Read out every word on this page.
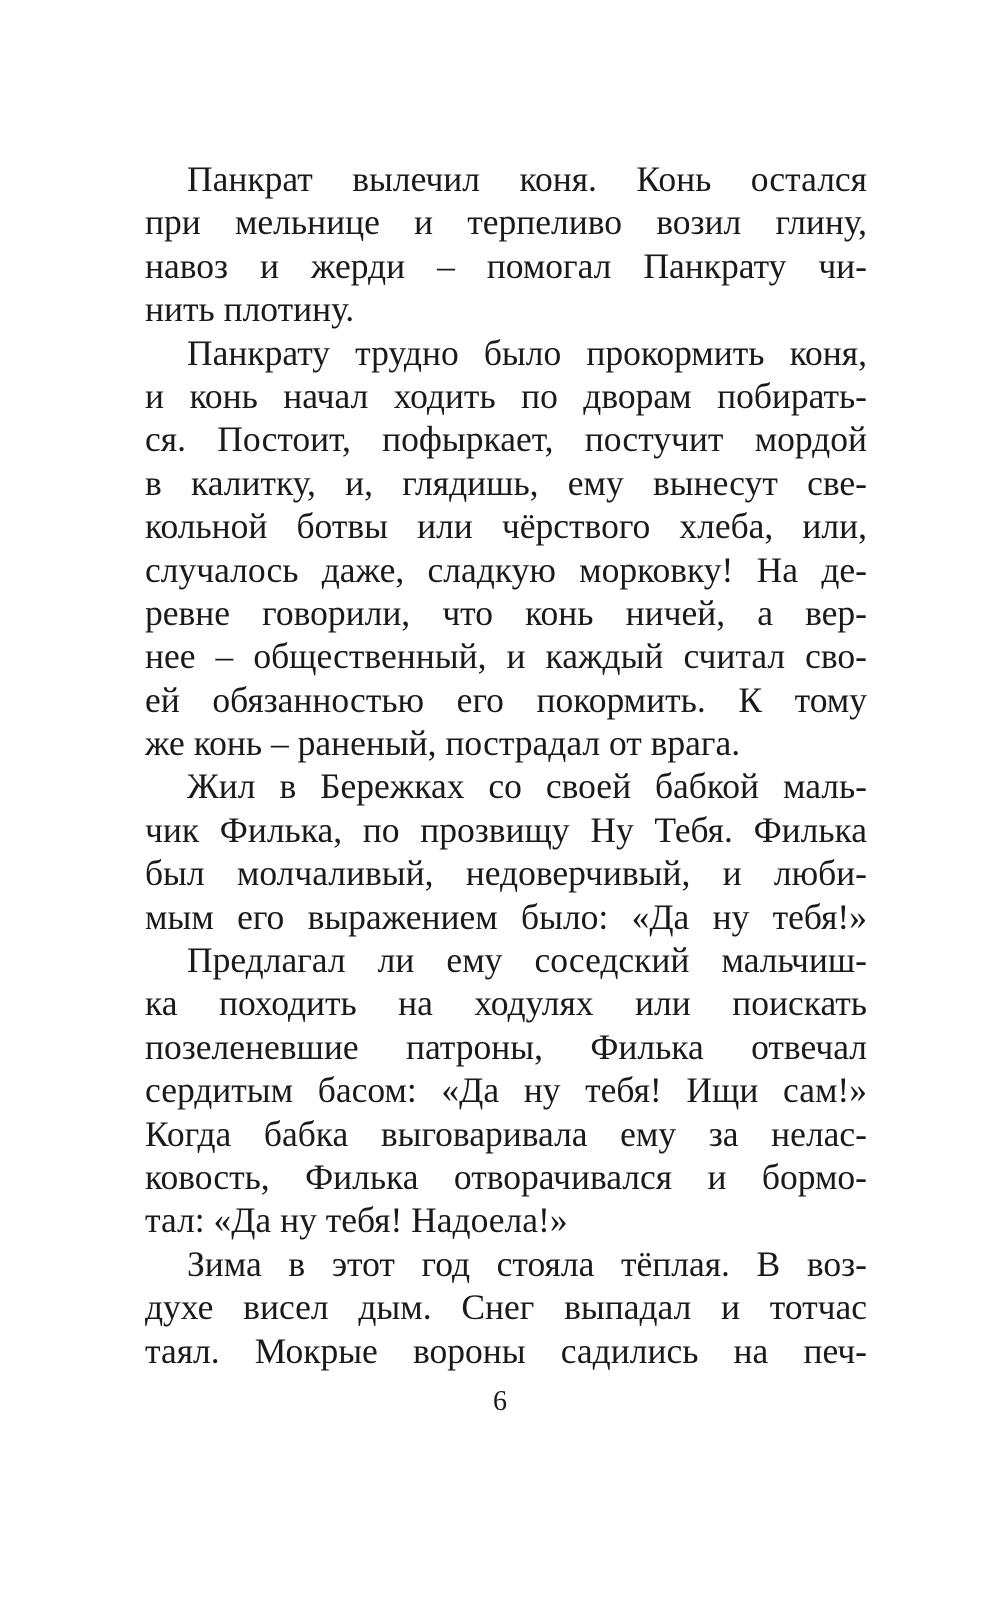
Панкрат вылечил коня. Конь остался
при мельнице и терпеливо возил глину,
навоз и жерди – помогал Панкрату чи-
нить плотину.
Панкрату трудно было прокормить коня,
и конь начал ходить по дворам побирать-
ся. Постоит, пофыркает, постучит мордой
в калитку, и, глядишь, ему вынесут све-
кольной ботвы или чёрствого хлеба, или,
случалось даже, сладкую морковку! На де-
ревне говорили, что конь ничей, а вер-
нее – общественный, и каждый считал сво-
ей обязанностью его покормить. К тому
же конь – раненый, пострадал от врага.
Жил в Бережках со своей бабкой маль-
чик Филька, по прозвищу Ну Тебя. Филька
был молчаливый, недоверчивый, и люби-
мым его выражением было: «Да ну тебя!»
Предлагал ли ему соседский мальчиш-
ка походить на ходулях или поискать
позеленевшие патроны, Филька отвечал
сердитым басом: «Да ну тебя! Ищи сам!»
Когда бабка выговаривала ему за нелас-
ковость, Филька отворачивался и бормо-
тал: «Да ну тебя! Надоела!»
Зима в этот год стояла тёплая. В воз-
духе висел дым. Снег выпадал и тотчас
таял. Мокрые вороны садились на печ-
6
